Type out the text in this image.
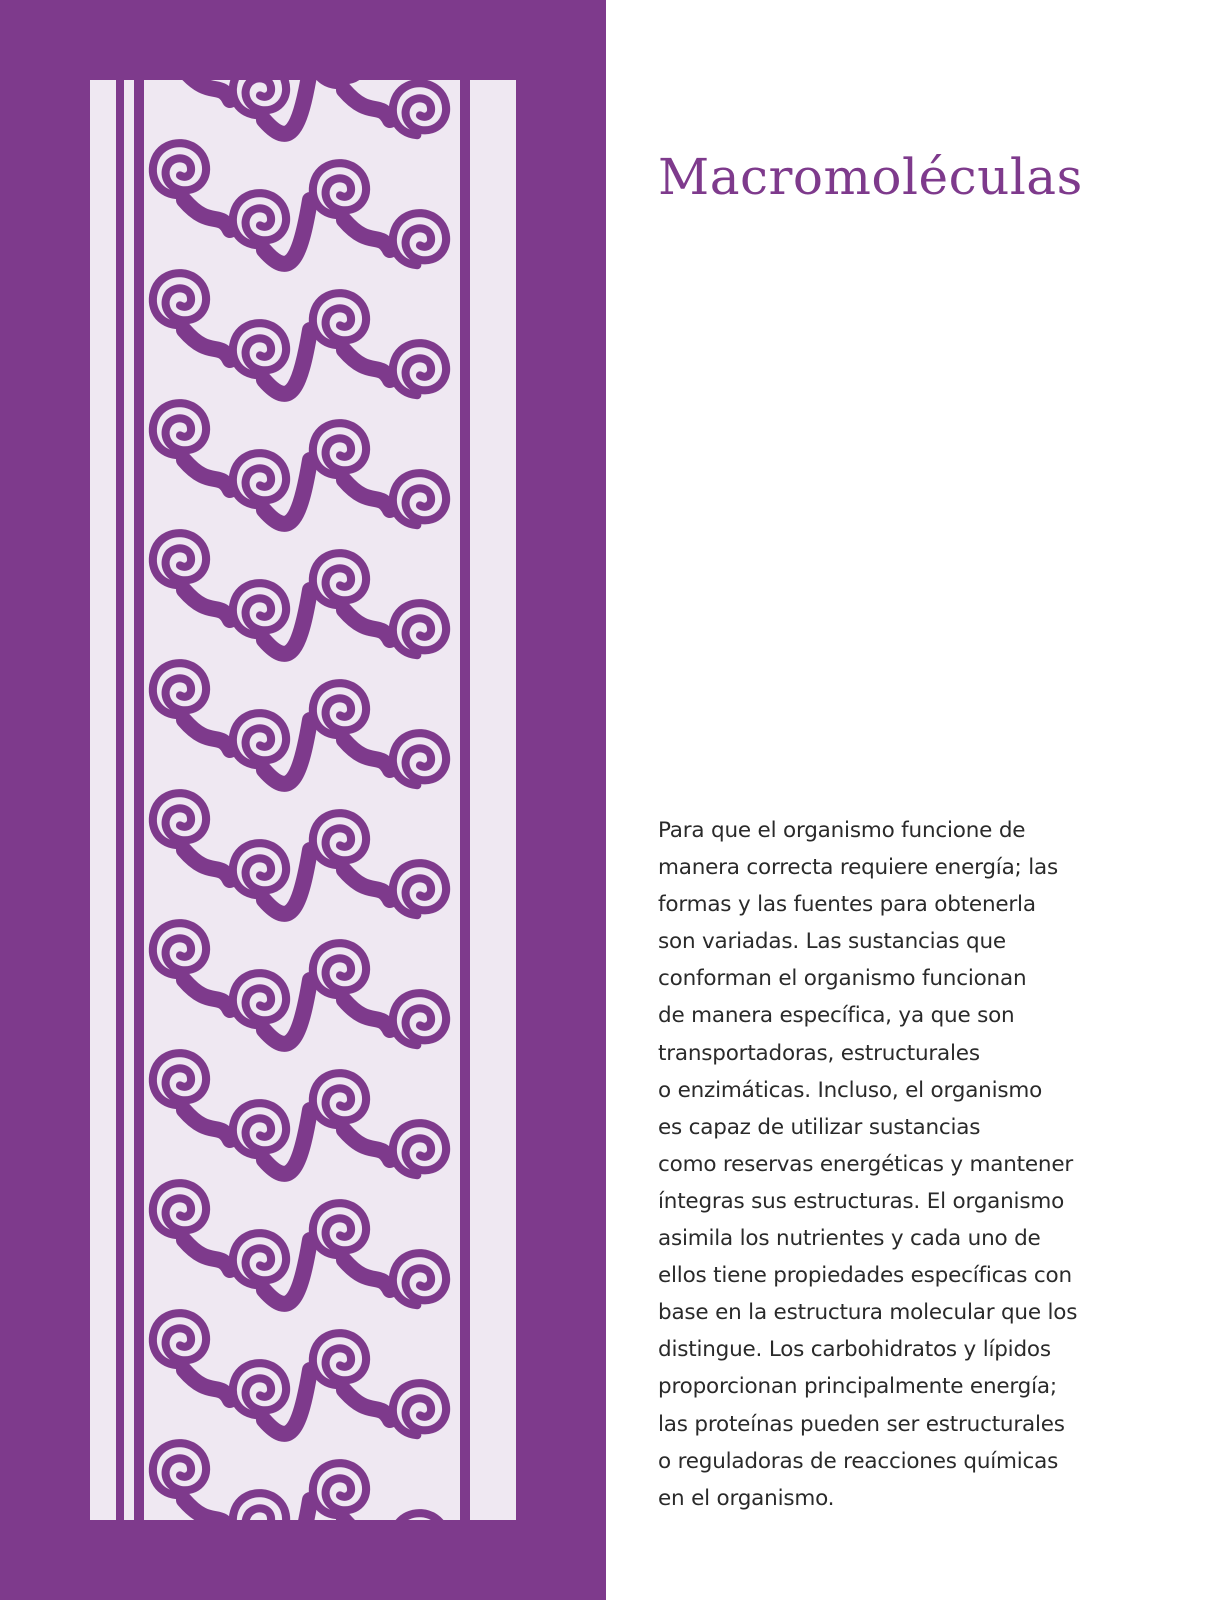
Macromoléculas
Para que el organismo funcione de
manera correcta requiere energía; las
formas y las fuentes para obtenerla
son variadas. Las sustancias que
conforman el organismo funcionan
de manera específica, ya que son
transportadoras, estructurales
o enzimáticas. Incluso, el organismo
es capaz de utilizar sustancias
como reservas energéticas y mantener
íntegras sus estructuras. El organismo
asimila los nutrientes y cada uno de
ellos tiene propiedades específicas con
base en la estructura molecular que los
distingue. Los carbohidratos y lípidos
proporcionan principalmente energía;
las proteínas pueden ser estructurales
o reguladoras de reacciones químicas
en el organismo.
